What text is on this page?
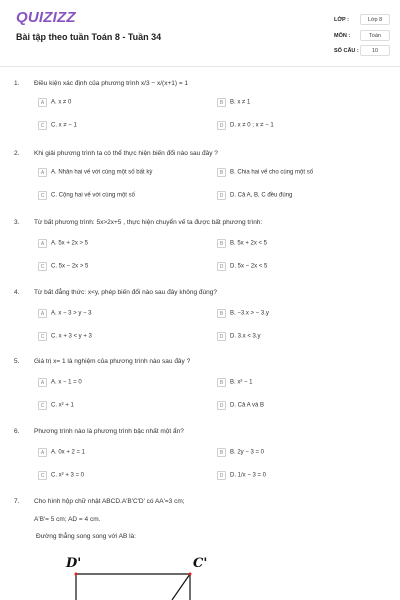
QUIZIZZ
Bài tập theo tuần Toán 8 - Tuần 34
LỚP :	Lớp 8
MÔN :	Toán
SỐ CÂU :	10
1. Điều kiện xác định của phương trình x/3 − x/(x+1) = 1
A A. x ≠ 0	B B. x ≠ 1
C C. x ≠ − 1	D D. x ≠ 0 ; x ≠ − 1
2. Khi giải phương trình ta có thể thực hiện biến đổi nào sau đây ?
A A. Nhân hai vế với cùng một số bất kỳ	B B. Chia hai vế cho cùng một số
C C. Cộng hai vế với cùng một số	D D. Cả A, B, C đều đúng
3. Từ bất phương trình: 5x>2x+5 , thực hiện chuyển vế ta được bất phương trình:
A A. 5x + 2x > 5	B B. 5x + 2x < 5
C C. 5x − 2x > 5	D D. 5x − 2x < 5
4. Từ bất đẳng thức: x<y, phép biến đổi nào sau đây không đúng?
A A. x − 3 > y − 3	B B. −3.x > − 3.y
C C. x + 3 < y + 3	D D. 3.x < 3.y
5. Giá trị x= 1 là nghiệm của phương trình nào sau đây ?
A A. x − 1 = 0	B B. x² − 1
C C. x² + 1	D D. Cả A và B
6. Phương trình nào là phương trình bậc nhất một ẩn?
A A. 0x + 2 = 1	B B. 2y − 3 = 0
C C. x² + 3 = 0	D D. 1/x − 3 = 0
7. Cho hình hộp chữ nhật ABCD.A'B'C'D' có AA'=3 cm;
A'B'= 5 cm; AD = 4 cm.
Đường thẳng song song với AB là:
D'	C'
